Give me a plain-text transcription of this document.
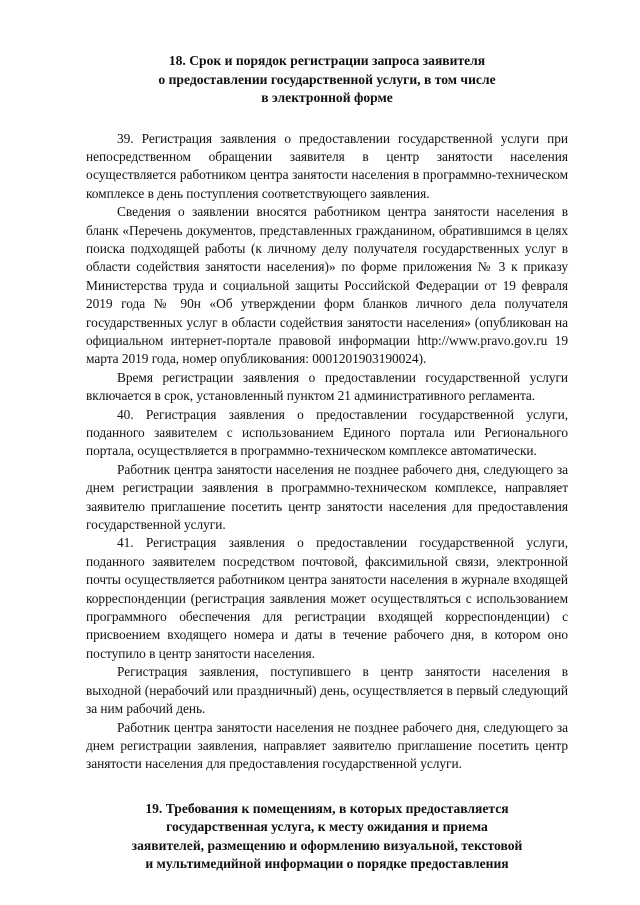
18. Срок и порядок регистрации запроса заявителя
о предоставлении государственной услуги, в том числе
в электронной форме

39. Регистрация заявления о предоставлении государственной услуги при непосредственном обращении заявителя в центр занятости населения осуществляется работником центра занятости населения в программно-техническом комплексе в день поступления соответствующего заявления.

Сведения о заявлении вносятся работником центра занятости населения в бланк «Перечень документов, представленных гражданином, обратившимся в целях поиска подходящей работы (к личному делу получателя государственных услуг в области содействия занятости населения)» по форме приложения № 3 к приказу Министерства труда и социальной защиты Российской Федерации от 19 февраля 2019 года № 90н «Об утверждении форм бланков личного дела получателя государственных услуг в области содействия занятости населения» (опубликован на официальном интернет-портале правовой информации http://www.pravo.gov.ru 19 марта 2019 года, номер опубликования: 0001201903190024).

Время регистрации заявления о предоставлении государственной услуги включается в срок, установленный пунктом 21 административного регламента.

40. Регистрация заявления о предоставлении государственной услуги, поданного заявителем с использованием Единого портала или Регионального портала, осуществляется в программно-техническом комплексе автоматически.

Работник центра занятости населения не позднее рабочего дня, следующего за днем регистрации заявления в программно-техническом комплексе, направляет заявителю приглашение посетить центр занятости населения для предоставления государственной услуги.

41. Регистрация заявления о предоставлении государственной услуги, поданного заявителем посредством почтовой, факсимильной связи, электронной почты осуществляется работником центра занятости населения в журнале входящей корреспонденции (регистрация заявления может осуществляться с использованием программного обеспечения для регистрации входящей корреспонденции) с присвоением входящего номера и даты в течение рабочего дня, в котором оно поступило в центр занятости населения.

Регистрация заявления, поступившего в центр занятости населения в выходной (нерабочий или праздничный) день, осуществляется в первый следующий за ним рабочий день.

Работник центра занятости населения не позднее рабочего дня, следующего за днем регистрации заявления, направляет заявителю приглашение посетить центр занятости населения для предоставления государственной услуги.

19. Требования к помещениям, в которых предоставляется
государственная услуга, к месту ожидания и приема
заявителей, размещению и оформлению визуальной, текстовой
и мультимедийной информации о порядке предоставления
